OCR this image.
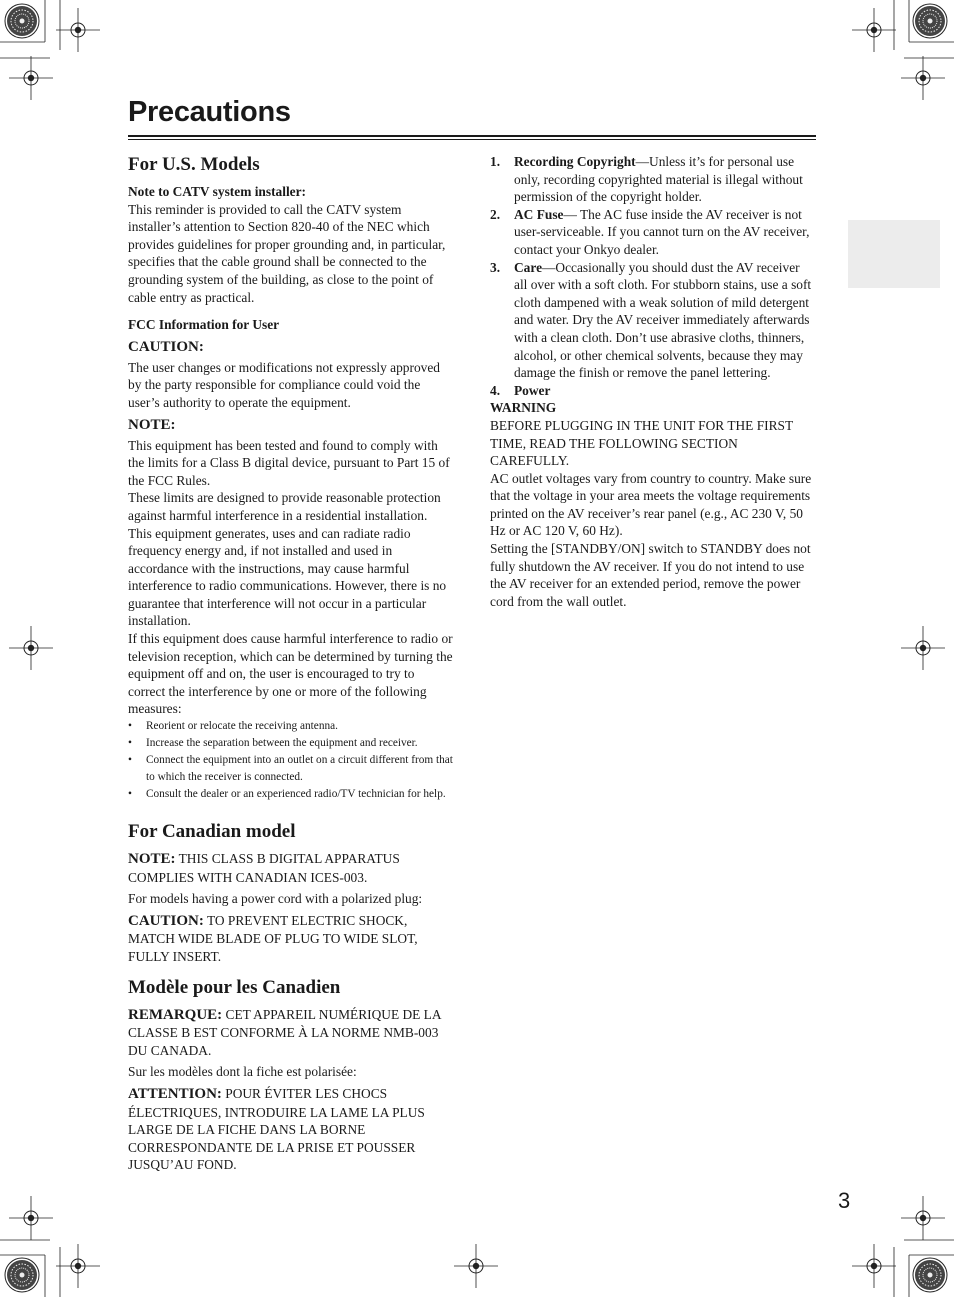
Precautions
For U.S. Models
Note to CATV system installer:

This reminder is provided to call the CATV system installer’s attention to Section 820-40 of the NEC which provides guidelines for proper grounding and, in particular, specifies that the cable ground shall be connected to the grounding system of the building, as close to the point of cable entry as practical.

FCC Information for User
CAUTION:

The user changes or modifications not expressly approved by the party responsible for compliance could void the user’s authority to operate the equipment.

NOTE:

This equipment has been tested and found to comply with the limits for a Class B digital device, pursuant to Part 15 of the FCC Rules.

These limits are designed to provide reasonable protection against harmful interference in a residential installation. This equipment generates, uses and can radiate radio frequency energy and, if not installed and used in accordance with the instructions, may cause harmful interference to radio communications. However, there is no guarantee that interference will not occur in a particular installation.

If this equipment does cause harmful interference to radio or television reception, which can be determined by turning the equipment off and on, the user is encouraged to try to correct the interference by one or more of the following measures:

• Reorient or relocate the receiving antenna.
• Increase the separation between the equipment and receiver.
• Connect the equipment into an outlet on a circuit different from that to which the receiver is connected.
• Consult the dealer or an experienced radio/TV technician for help.
For Canadian model

NOTE: THIS CLASS B DIGITAL APPARATUS COMPLIES WITH CANADIAN ICES-003.

For models having a power cord with a polarized plug:

CAUTION: TO PREVENT ELECTRIC SHOCK, MATCH WIDE BLADE OF PLUG TO WIDE SLOT, FULLY INSERT.

Modèle pour les Canadien

REMARQUE: CET APPAREIL NUMÉRIQUE DE LA CLASSE B EST CONFORME À LA NORME NMB-003 DU CANADA.

Sur les modèles dont la fiche est polarisée:

ATTENTION: POUR ÉVITER LES CHOCS ÉLECTRIQUES, INTRODUIRE LA LAME LA PLUS LARGE DE LA FICHE DANS LA BORNE CORRESPONDANTE DE LA PRISE ET POUSSER JUSQU’AU FOND.

1. Recording Copyright—Unless it’s for personal use only, recording copyrighted material is illegal without permission of the copyright holder.
2. AC Fuse— The AC fuse inside the AV receiver is not user-serviceable. If you cannot turn on the AV receiver, contact your Onkyo dealer.
3. Care—Occasionally you should dust the AV receiver all over with a soft cloth. For stubborn stains, use a soft cloth dampened with a weak solution of mild detergent and water. Dry the AV receiver immediately afterwards with a clean cloth. Don’t use abrasive cloths, thinners, alcohol, or other chemical solvents, because they may damage the finish or remove the panel lettering.
4. Power
WARNING

BEFORE PLUGGING IN THE UNIT FOR THE FIRST TIME, READ THE FOLLOWING SECTION CAREFULLY.

AC outlet voltages vary from country to country. Make sure that the voltage in your area meets the voltage requirements printed on the AV receiver’s rear panel (e.g., AC 230 V, 50 Hz or AC 120 V, 60 Hz).

Setting the [STANDBY/ON] switch to STANDBY does not fully shutdown the AV receiver. If you do not intend to use the AV receiver for an extended period, remove the power cord from the wall outlet.

3
